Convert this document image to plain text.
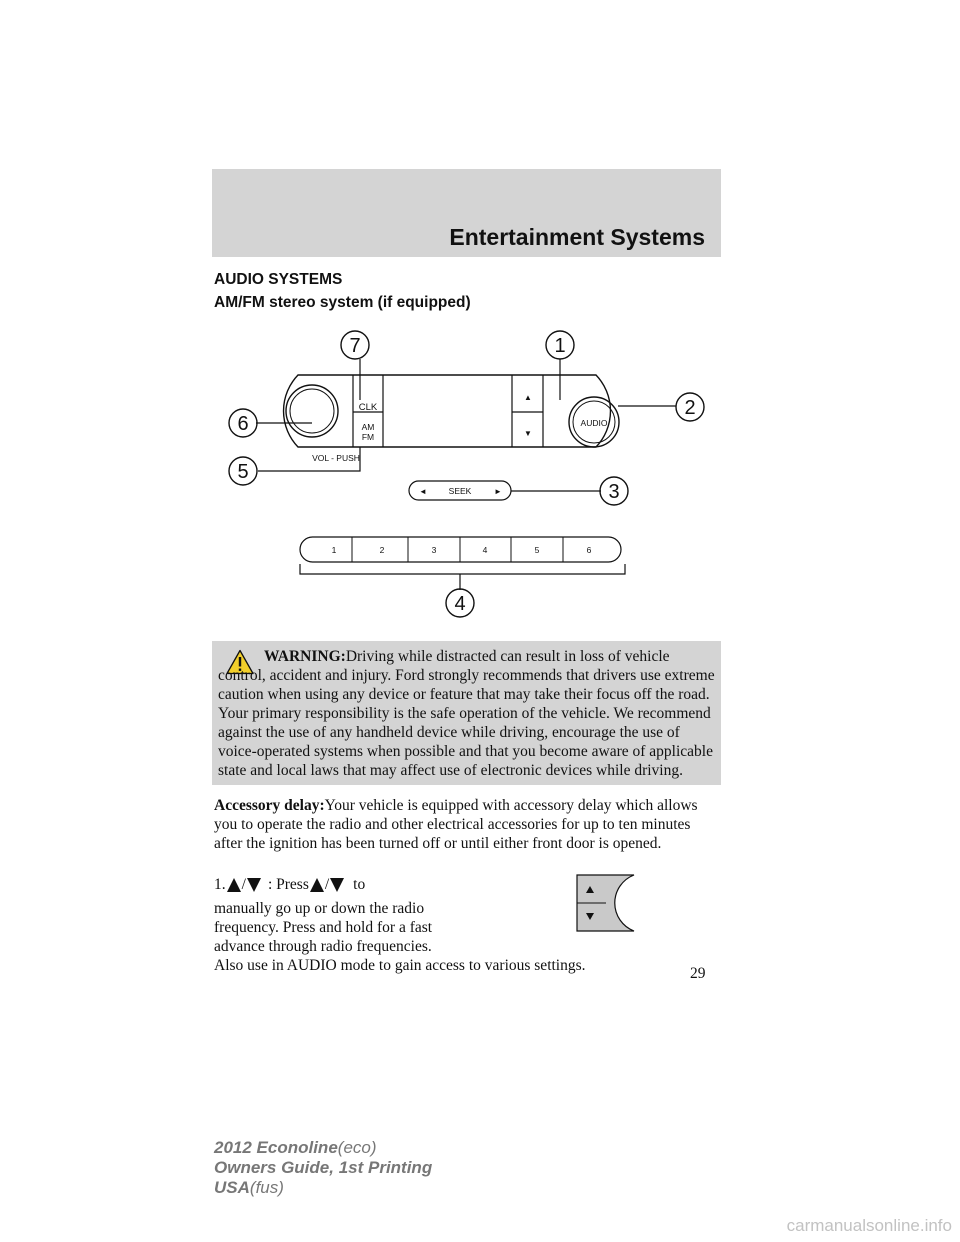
Entertainment Systems
AUDIO SYSTEMS
AM/FM stereo system (if equipped)
7	1
2
3
4
5
6
CLK
AM
FM
VOL - PUSH
AUDIO
▲
▼
SEEK
◄	►
1	2	3	4	5	6

WARNING:Driving while distracted can result in loss of vehicle control, accident and injury. Ford strongly recommends that drivers use extreme caution when using any device or feature that may take their focus off the road. Your primary responsibility is the safe operation of the vehicle. We recommend against the use of any handheld device while driving, encourage the use of voice-operated systems when possible and that you become aware of applicable state and local laws that may affect use of electronic devices while driving.

Accessory delay:Your vehicle is equipped with accessory delay which allows you to operate the radio and other electrical accessories for up to ten minutes after the ignition has been turned off or until either front door is opened.

1. / : Press / to

manually go up or down the radio frequency. Press and hold for a fast advance through radio frequencies.
Also use in AUDIO mode to gain access to various settings.	29
2012 Econoline(eco)
Owners Guide, 1st Printing
USA(fus)
carmanualsonline.info
